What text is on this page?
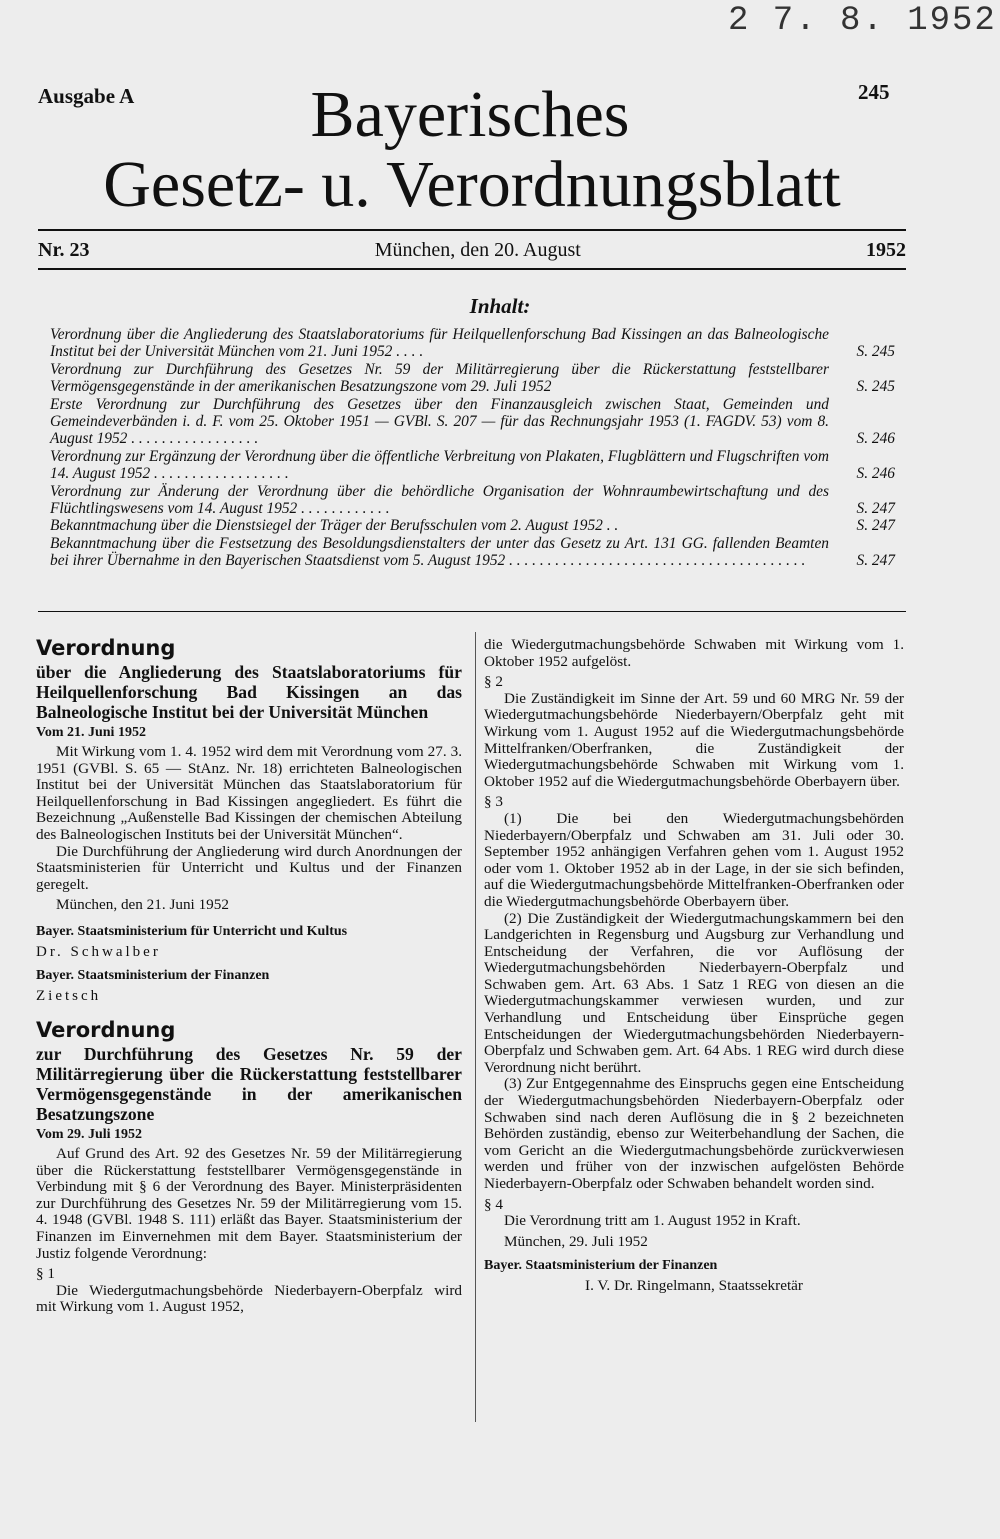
2 7. 8. 1952
Ausgabe A	245
Bayerisches
Gesetz- u. Verordnungsblatt
Nr. 23	München, den 20. August	1952
Inhalt:
Verordnung über die Angliederung des Staatslaboratoriums für Heilquellenforschung Bad Kissingen an das Balneologische Institut bei der Universität München vom 21. Juni 1952 . . . .	S. 245
Verordnung zur Durchführung des Gesetzes Nr. 59 der Militärregierung über die Rückerstattung feststellbarer Vermögensgegenstände in der amerikanischen Besatzungszone vom 29. Juli 1952	S. 245
Erste Verordnung zur Durchführung des Gesetzes über den Finanzausgleich zwischen Staat, Gemeinden und Gemeindeverbänden i. d. F. vom 25. Oktober 1951 — GVBl. S. 207 — für das Rechnungsjahr 1953 (1. FAGDV. 53) vom 8. August 1952 . . . . . . . . . . . . . . . . .	S. 246
Verordnung zur Ergänzung der Verordnung über die öffentliche Verbreitung von Plakaten, Flugblättern und Flugschriften vom 14. August 1952 . . . . . . . . . . . . . . . . . .	S. 246
Verordnung zur Änderung der Verordnung über die behördliche Organisation der Wohnraumbewirtschaftung und des Flüchtlingswesens vom 14. August 1952 . . . . . . . . . . . .	S. 247
Bekanntmachung über die Dienstsiegel der Träger der Berufsschulen vom 2. August 1952 . .	S. 247
Bekanntmachung über die Festsetzung des Besoldungsdienstalters der unter das Gesetz zu Art. 131 GG. fallenden Beamten bei ihrer Übernahme in den Bayerischen Staatsdienst vom 5. August 1952 . . . . . . . . . . . . . . . . . . . . . . . . . . . . . . . . . . . . . . .	S. 247

Verordnung

über die Angliederung des Staatslaboratoriums für Heilquellenforschung Bad Kissingen an das Balneologische Institut bei der Universität München

Vom 21. Juni 1952

Mit Wirkung vom 1. 4. 1952 wird dem mit Verordnung vom 27. 3. 1951 (GVBl. S. 65 — StAnz. Nr. 18) errichteten Balneologischen Institut bei der Universität München das Staatslaboratorium für Heilquellenforschung in Bad Kissingen angegliedert. Es führt die Bezeichnung „Außenstelle Bad Kissingen der chemischen Abteilung des Balneologischen Instituts bei der Universität München“.

Die Durchführung der Angliederung wird durch Anordnungen der Staatsministerien für Unterricht und Kultus und der Finanzen geregelt.

München, den 21. Juni 1952

Bayer. Staatsministerium für Unterricht und Kultus

Dr. Schwalber

Bayer. Staatsministerium der Finanzen

Zietsch

Verordnung

zur Durchführung des Gesetzes Nr. 59 der Militärregierung über die Rückerstattung feststellbarer Vermögensgegenstände in der amerikanischen Besatzungszone

Vom 29. Juli 1952

Auf Grund des Art. 92 des Gesetzes Nr. 59 der Militärregierung über die Rückerstattung feststellbarer Vermögensgegenstände in Verbindung mit § 6 der Verordnung des Bayer. Ministerpräsidenten zur Durchführung des Gesetzes Nr. 59 der Militärregierung vom 15. 4. 1948 (GVBl. 1948 S. 111) erläßt das Bayer. Staatsministerium der Finanzen im Einvernehmen mit dem Bayer. Staatsministerium der Justiz folgende Verordnung:

§ 1

Die Wiedergutmachungsbehörde Niederbayern-Oberpfalz wird mit Wirkung vom 1. August 1952,

die Wiedergutmachungsbehörde Schwaben mit Wirkung vom 1. Oktober 1952 aufgelöst.

§ 2

Die Zuständigkeit im Sinne der Art. 59 und 60 MRG Nr. 59 der Wiedergutmachungsbehörde Niederbayern/Oberpfalz geht mit Wirkung vom 1. August 1952 auf die Wiedergutmachungsbehörde Mittelfranken/Oberfranken, die Zuständigkeit der Wiedergutmachungsbehörde Schwaben mit Wirkung vom 1. Oktober 1952 auf die Wiedergutmachungsbehörde Oberbayern über.

§ 3

(1) Die bei den Wiedergutmachungsbehörden Niederbayern/Oberpfalz und Schwaben am 31. Juli oder 30. September 1952 anhängigen Verfahren gehen vom 1. August 1952 oder vom 1. Oktober 1952 ab in der Lage, in der sie sich befinden, auf die Wiedergutmachungsbehörde Mittelfranken-Oberfranken oder die Wiedergutmachungsbehörde Oberbayern über.

(2) Die Zuständigkeit der Wiedergutmachungskammern bei den Landgerichten in Regensburg und Augsburg zur Verhandlung und Entscheidung der Verfahren, die vor Auflösung der Wiedergutmachungsbehörden Niederbayern-Oberpfalz und Schwaben gem. Art. 63 Abs. 1 Satz 1 REG von diesen an die Wiedergutmachungskammer verwiesen wurden, und zur Verhandlung und Entscheidung über Einsprüche gegen Entscheidungen der Wiedergutmachungsbehörden Niederbayern-Oberpfalz und Schwaben gem. Art. 64 Abs. 1 REG wird durch diese Verordnung nicht berührt.

(3) Zur Entgegennahme des Einspruchs gegen eine Entscheidung der Wiedergutmachungsbehörden Niederbayern-Oberpfalz oder Schwaben sind nach deren Auflösung die in § 2 bezeichneten Behörden zuständig, ebenso zur Weiterbehandlung der Sachen, die vom Gericht an die Wiedergutmachungsbehörde zurückverwiesen werden und früher von der inzwischen aufgelösten Behörde Niederbayern-Oberpfalz oder Schwaben behandelt worden sind.

§ 4

Die Verordnung tritt am 1. August 1952 in Kraft.

München, 29. Juli 1952

Bayer. Staatsministerium der Finanzen

I. V. Dr. Ringelmann, Staatssekretär
